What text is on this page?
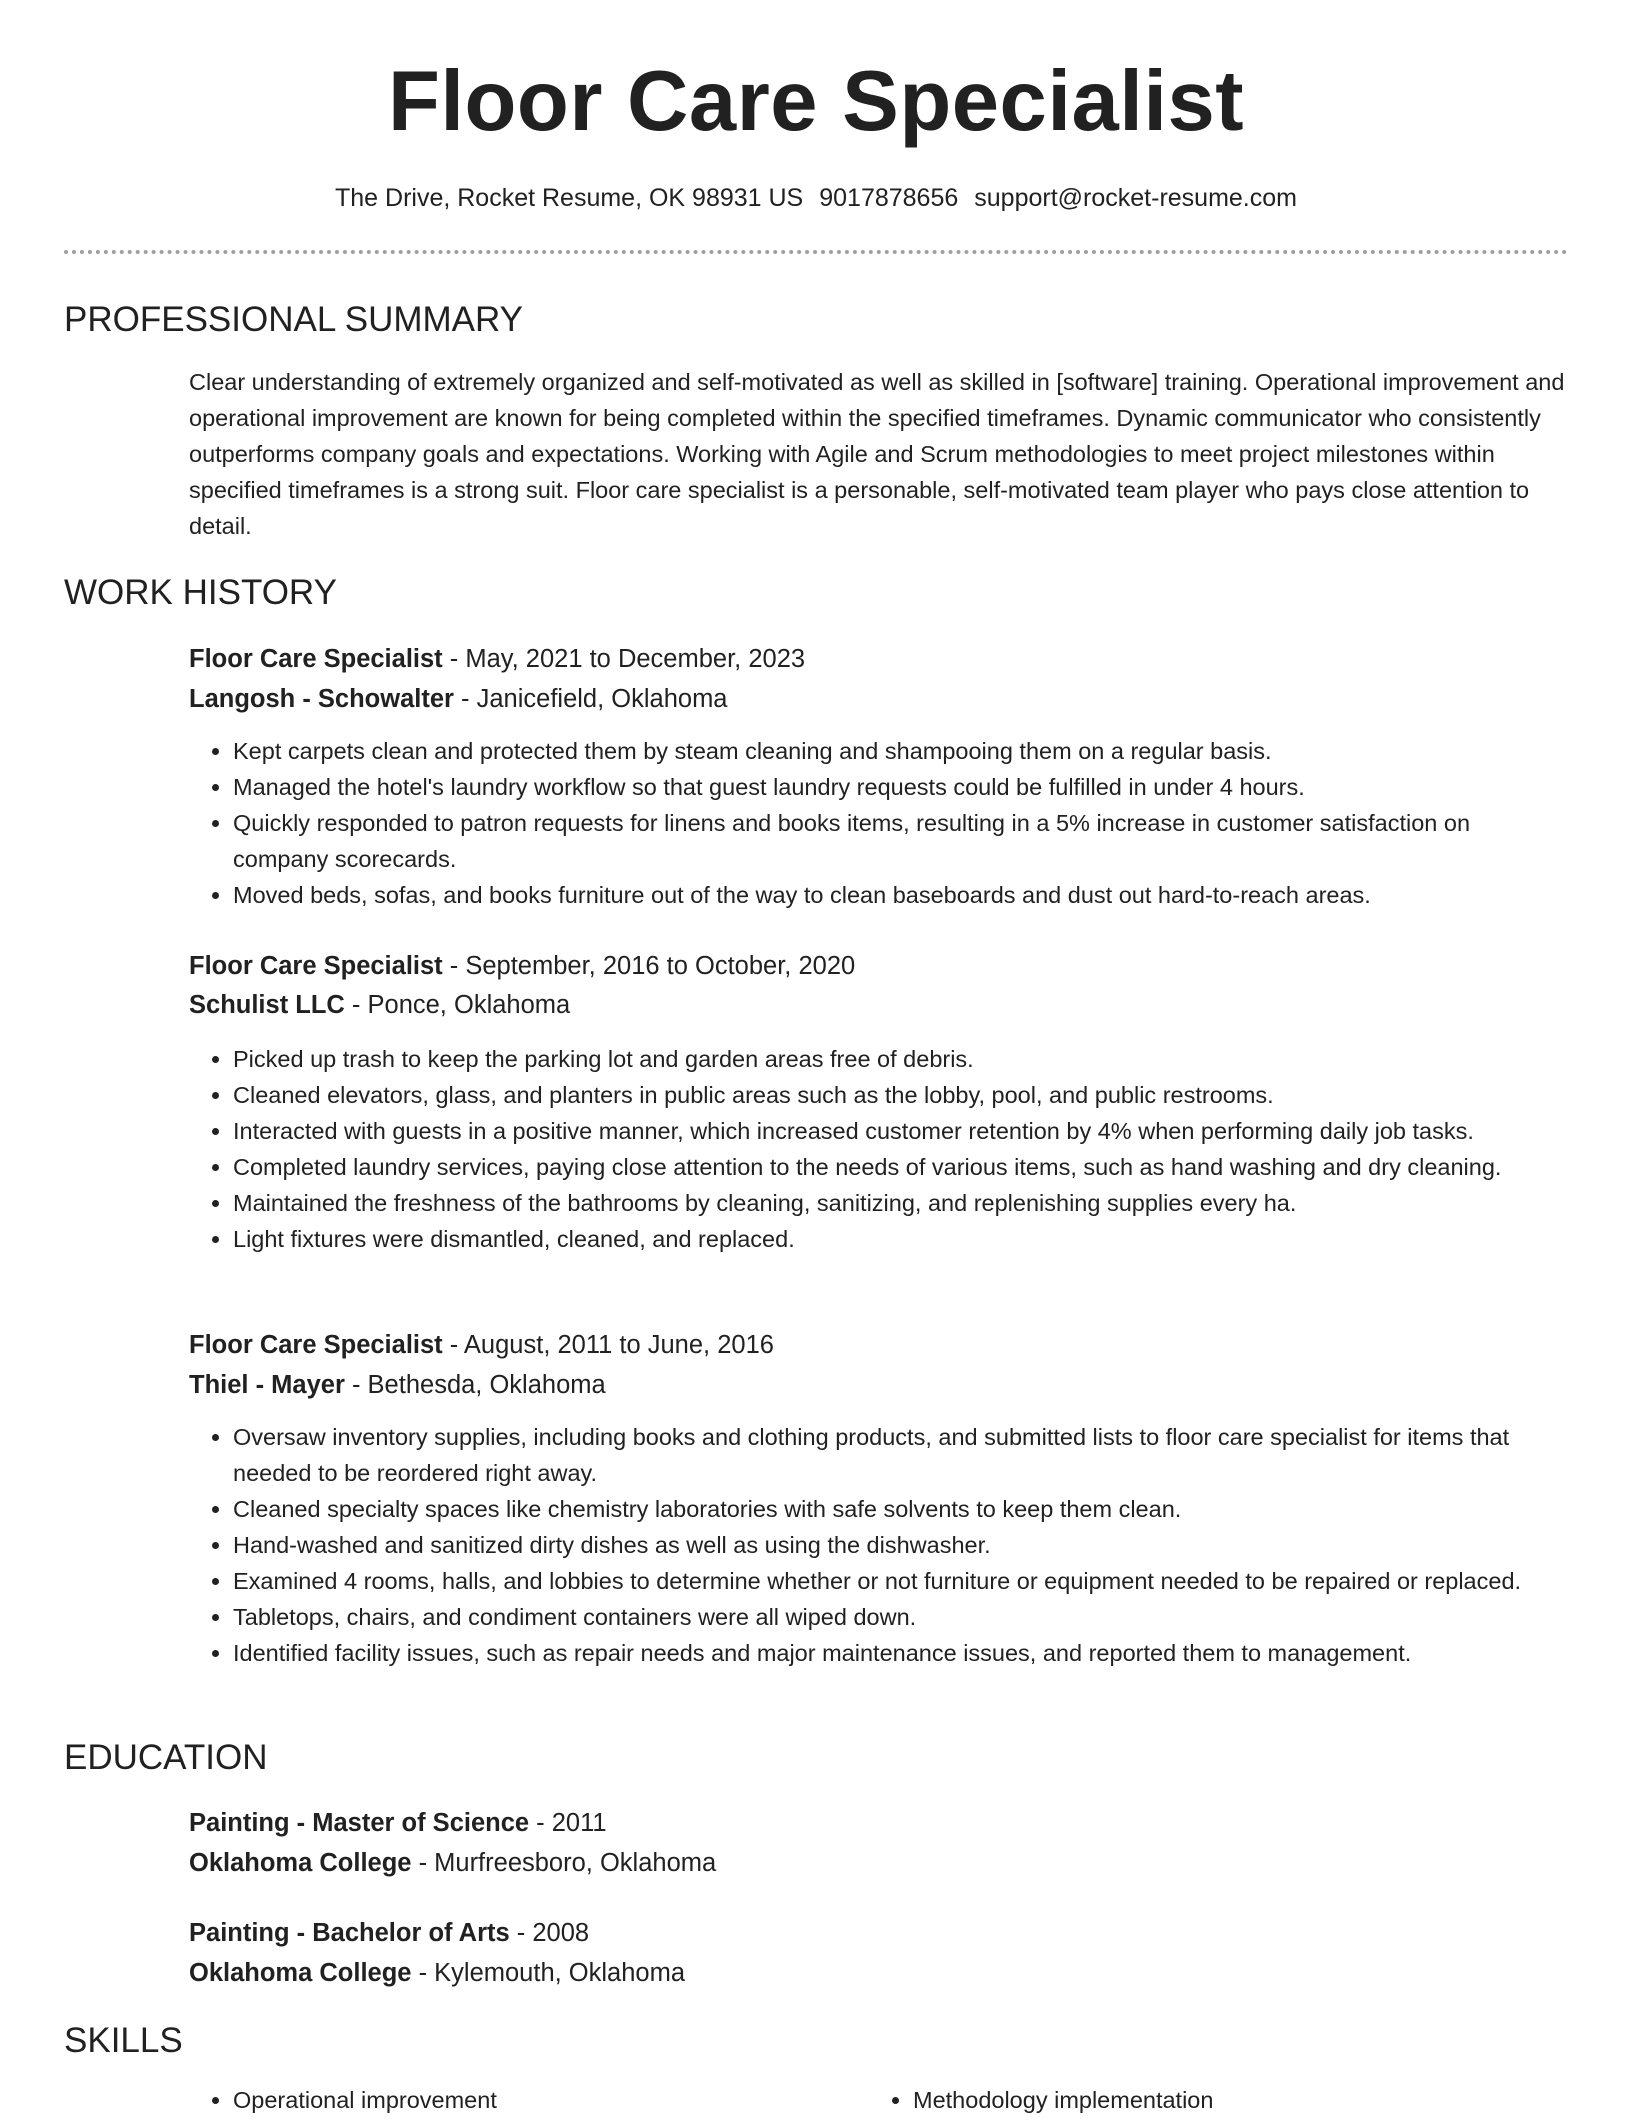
Floor Care Specialist
The Drive, Rocket Resume, OK 98931 US 9017878656 support@rocket-resume.com
PROFESSIONAL SUMMARY
Clear understanding of extremely organized and self-motivated as well as skilled in [software] training. Operational improvement and operational improvement are known for being completed within the specified timeframes. Dynamic communicator who consistently outperforms company goals and expectations. Working with Agile and Scrum methodologies to meet project milestones within specified timeframes is a strong suit. Floor care specialist is a personable, self-motivated team player who pays close attention to detail.
WORK HISTORY
Floor Care Specialist - May, 2021 to December, 2023
Langosh - Schowalter - Janicefield, Oklahoma
• Kept carpets clean and protected them by steam cleaning and shampooing them on a regular basis.
• Managed the hotel's laundry workflow so that guest laundry requests could be fulfilled in under 4 hours.
• Quickly responded to patron requests for linens and books items, resulting in a 5% increase in customer satisfaction on company scorecards.
• Moved beds, sofas, and books furniture out of the way to clean baseboards and dust out hard-to-reach areas.
Floor Care Specialist - September, 2016 to October, 2020
Schulist LLC - Ponce, Oklahoma
• Picked up trash to keep the parking lot and garden areas free of debris.
• Cleaned elevators, glass, and planters in public areas such as the lobby, pool, and public restrooms.
• Interacted with guests in a positive manner, which increased customer retention by 4% when performing daily job tasks.
• Completed laundry services, paying close attention to the needs of various items, such as hand washing and dry cleaning.
• Maintained the freshness of the bathrooms by cleaning, sanitizing, and replenishing supplies every ha.
• Light fixtures were dismantled, cleaned, and replaced.
Floor Care Specialist - August, 2011 to June, 2016
Thiel - Mayer - Bethesda, Oklahoma
• Oversaw inventory supplies, including books and clothing products, and submitted lists to floor care specialist for items that needed to be reordered right away.
• Cleaned specialty spaces like chemistry laboratories with safe solvents to keep them clean.
• Hand-washed and sanitized dirty dishes as well as using the dishwasher.
• Examined 4 rooms, halls, and lobbies to determine whether or not furniture or equipment needed to be repaired or replaced.
• Tabletops, chairs, and condiment containers were all wiped down.
• Identified facility issues, such as repair needs and major maintenance issues, and reported them to management.
EDUCATION
Painting - Master of Science - 2011
Oklahoma College - Murfreesboro, Oklahoma
Painting - Bachelor of Arts - 2008
Oklahoma College - Kylemouth, Oklahoma
SKILLS
• Operational improvement
•	Methodology implementation
